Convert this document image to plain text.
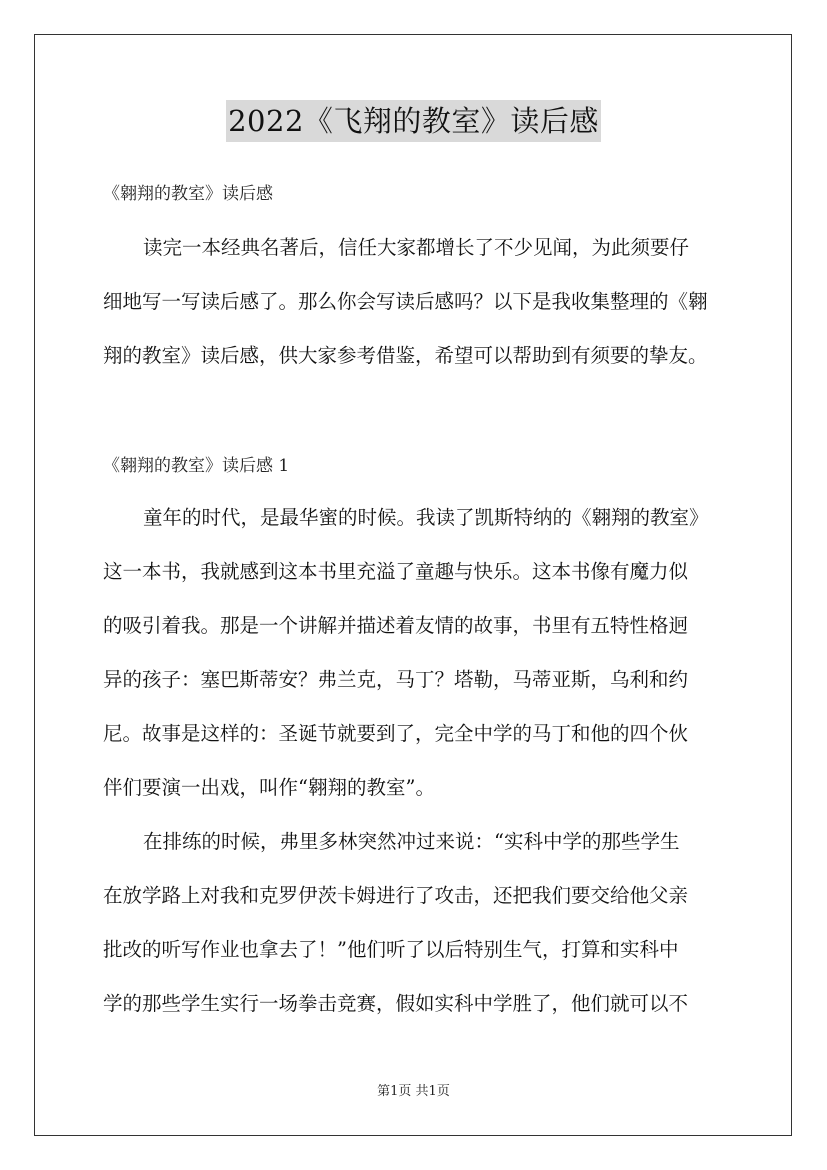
2022《飞翔的教室》读后感
《翱翔的教室》读后感
读完一本经典名著后，信任大家都增长了不少见闻，为此须要仔
细地写一写读后感了。那么你会写读后感吗？以下是我收集整理的《翱
翔的教室》读后感，供大家参考借鉴，希望可以帮助到有须要的挚友。
《翱翔的教室》读后感 1
童年的时代，是最华蜜的时候。我读了凯斯特纳的《翱翔的教室》
这一本书，我就感到这本书里充溢了童趣与快乐。这本书像有魔力似
的吸引着我。那是一个讲解并描述着友情的故事，书里有五特性格迥
异的孩子：塞巴斯蒂安？弗兰克，马丁？塔勒，马蒂亚斯，乌利和约
尼。故事是这样的：圣诞节就要到了，完全中学的马丁和他的四个伙
伴们要演一出戏，叫作“翱翔的教室”。
在排练的时候，弗里多林突然冲过来说：“实科中学的那些学生
在放学路上对我和克罗伊茨卡姆进行了攻击，还把我们要交给他父亲
批改的听写作业也拿去了！”他们听了以后特别生气，打算和实科中
学的那些学生实行一场拳击竞赛，假如实科中学胜了，他们就可以不
第1页 共1页
